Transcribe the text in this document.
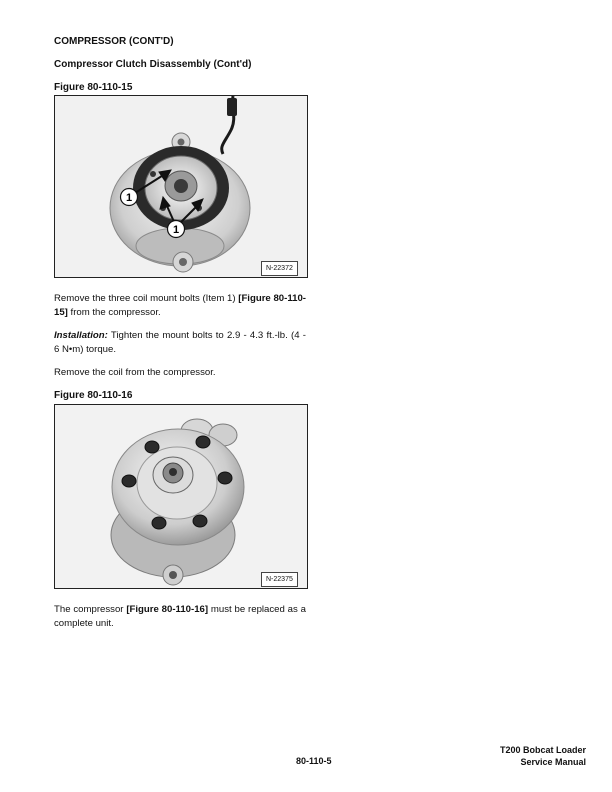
COMPRESSOR (CONT'D)
Compressor Clutch Disassembly (Cont'd)
Figure 80-110-15
1
1
N-22372
Remove the three coil mount bolts (Item 1) [Figure 80-110-15] from the compressor.
Installation: Tighten the mount bolts to 2.9 - 4.3 ft.-lb. (4 - 6 N•m) torque.
Remove the coil from the compressor.
Figure 80-110-16
N-22375
The compressor [Figure 80-110-16] must be replaced as a complete unit.
80-110-5
T200 Bobcat Loader
Service Manual
